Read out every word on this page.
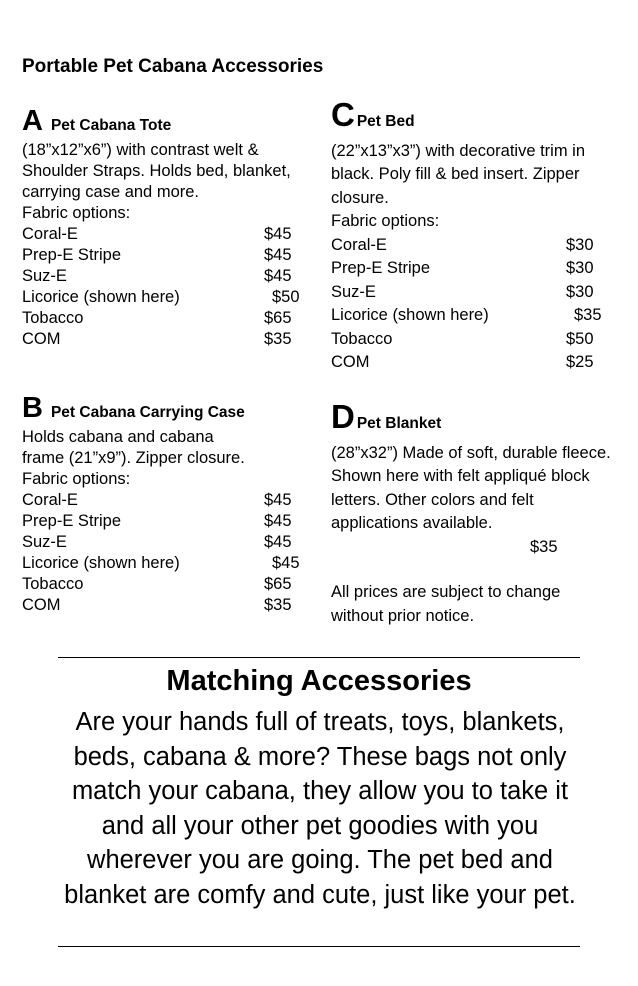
Portable Pet Cabana Accessories
A Pet Cabana Tote
(18”x12”x6”) with contrast welt & Shoulder Straps. Holds bed, blanket, carrying case and more.
Fabric options:
Coral-E	$45
Prep-E Stripe	$45
Suz-E	$45
Licorice (shown here)	$50
Tobacco	$65
COM	$35
B Pet Cabana Carrying Case
Holds cabana and cabana frame (21”x9”). Zipper closure.
Fabric options:
Coral-E	$45
Prep-E Stripe	$45
Suz-E	$45
Licorice (shown here)	$45
Tobacco	$65
COM	$35
C Pet Bed
(22”x13”x3”) with decorative trim in black. Poly fill & bed insert. Zipper closure.
Fabric options:
Coral-E	$30
Prep-E Stripe	$30
Suz-E	$30
Licorice (shown here)	$35
Tobacco	$50
COM	$25
D Pet Blanket
(28”x32”) Made of soft, durable fleece. Shown here with felt appliqué block letters. Other colors and felt applications available.
$35
All prices are subject to change without prior notice.
Matching Accessories
Are your hands full of treats, toys, blankets, beds, cabana & more? These bags not only match your cabana, they allow you to take it and all your other pet goodies with you wherever you are going. The pet bed and blanket are comfy and cute, just like your pet.
